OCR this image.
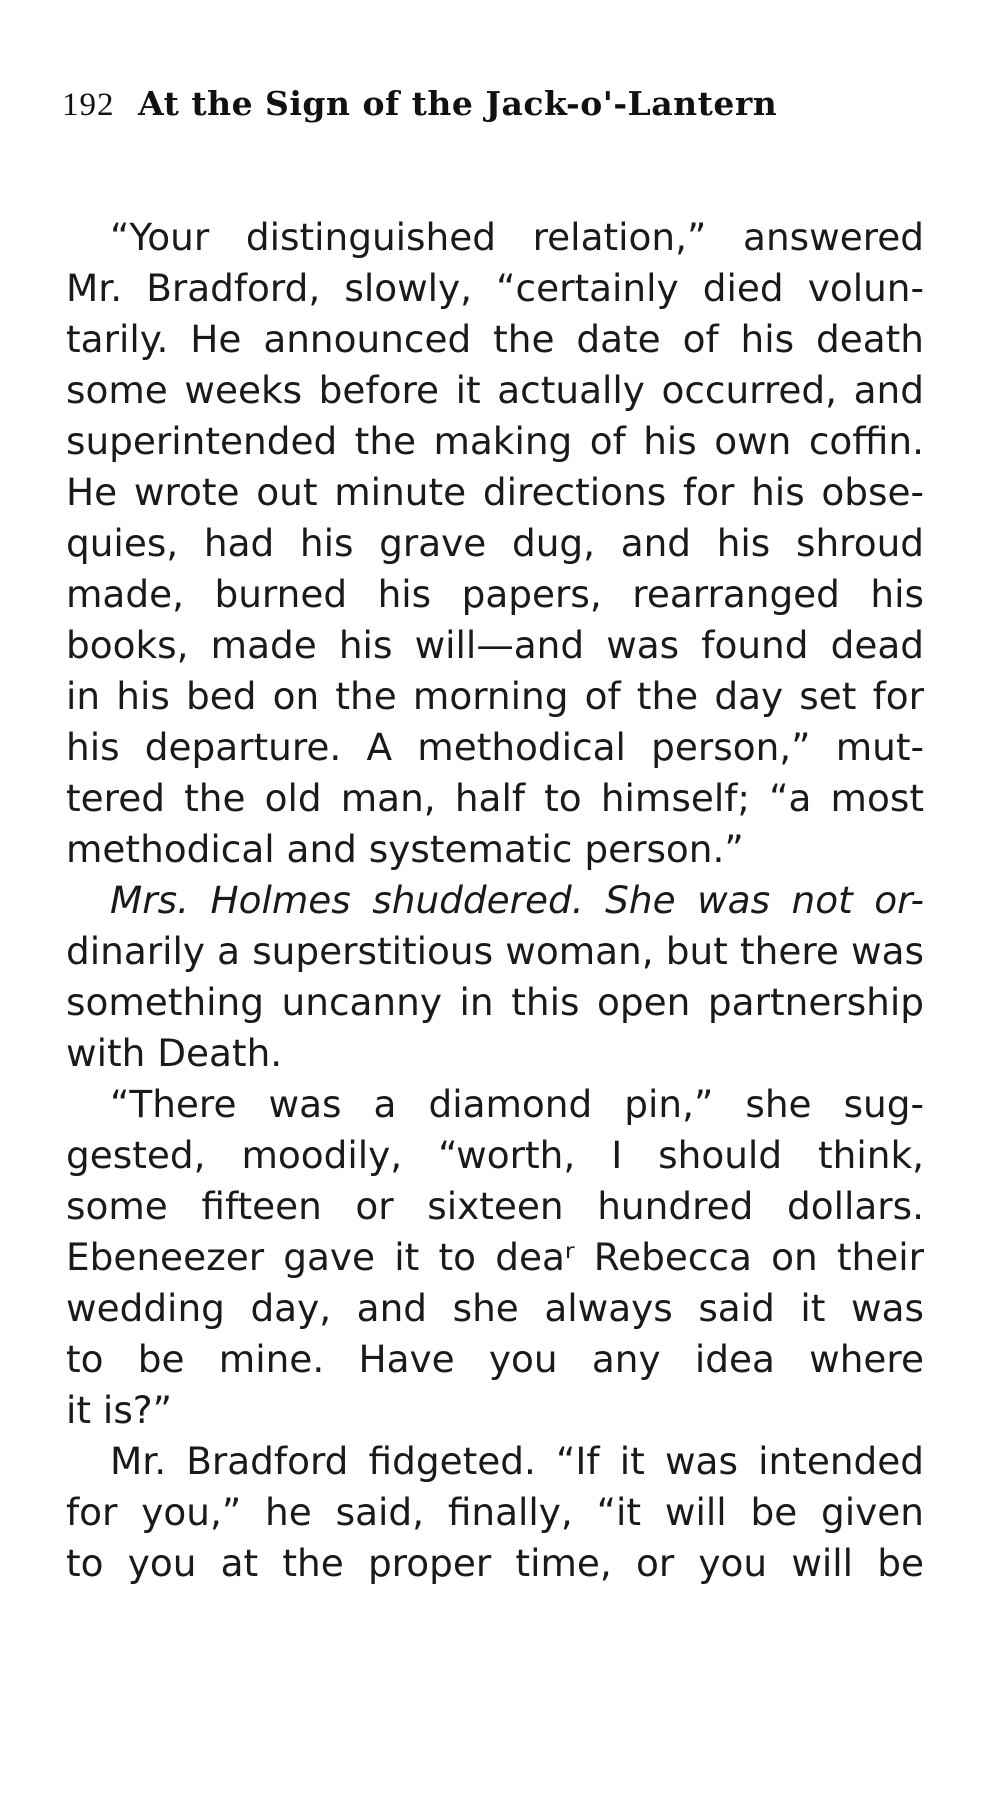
192 At the Sign of the Jack-o'-Lantern
“Your distinguished relation,” answered
Mr. Bradford, slowly, “certainly died volun-
tarily. He announced the date of his death
some weeks before it actually occurred, and
superintended the making of his own coffin.
He wrote out minute directions for his obse-
quies, had his grave dug, and his shroud
made, burned his papers, rearranged his
books, made his will—and was found dead
in his bed on the morning of the day set for
his departure. A methodical person,” mut-
tered the old man, half to himself; “a most
methodical and systematic person.”
Mrs. Holmes shuddered. She was not or-
dinarily a superstitious woman, but there was
something uncanny in this open partnership
with Death.
“There was a diamond pin,” she sug-
gested, moodily, “worth, I should think,
some fifteen or sixteen hundred dollars.
Ebeneezer gave it to deaʳ Rebecca on their
wedding day, and she always said it was
to be mine. Have you any idea where
it is?”
Mr. Bradford fidgeted. “If it was intended
for you,” he said, finally, “it will be given
to you at the proper time, or you will be
